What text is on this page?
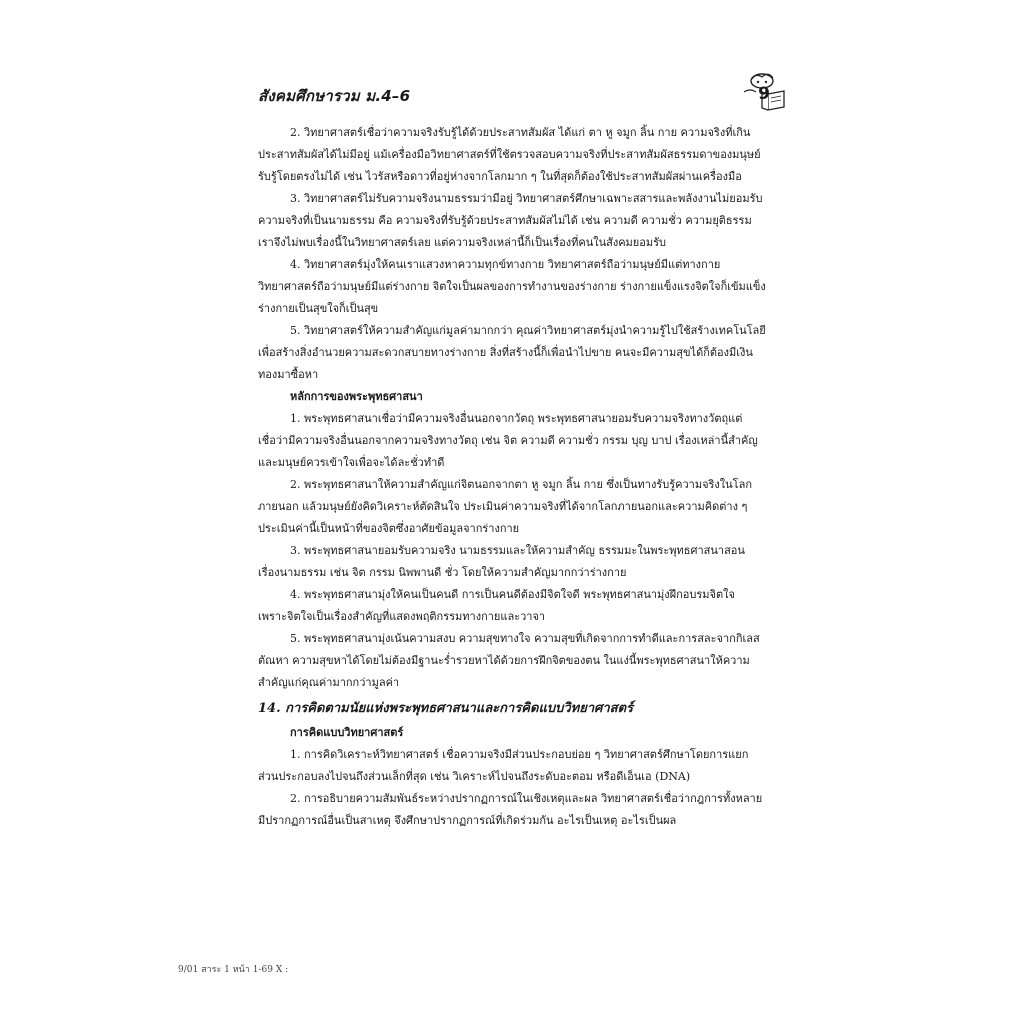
สังคมศึกษารวม ม.4–6	9
2. วิทยาศาสตร์เชื่อว่าความจริงรับรู้ได้ด้วยประสาทสัมผัส ได้แก่ ตา หู จมูก ลิ้น กาย ความจริงที่เกิน
ประสาทสัมผัสได้ไม่มีอยู่ แม้เครื่องมือวิทยาศาสตร์ที่ใช้ตรวจสอบความจริงที่ประสาทสัมผัสธรรมดาของมนุษย์
รับรู้โดยตรงไม่ได้ เช่น ไวรัสหรือดาวที่อยู่ห่างจากโลกมาก ๆ ในที่สุดก็ต้องใช้ประสาทสัมผัสผ่านเครื่องมือ
3. วิทยาศาสตร์ไม่รับความจริงนามธรรมว่ามีอยู่ วิทยาศาสตร์ศึกษาเฉพาะสสารและพลังงานไม่ยอมรับ
ความจริงที่เป็นนามธรรม คือ ความจริงที่รับรู้ด้วยประสาทสัมผัสไม่ได้ เช่น ความดี ความชั่ว ความยุติธรรม
เราจึงไม่พบเรื่องนี้ในวิทยาศาสตร์เลย แต่ความจริงเหล่านี้ก็เป็นเรื่องที่คนในสังคมยอมรับ
4. วิทยาศาสตร์มุ่งให้คนเราแสวงหาความทุกข์ทางกาย วิทยาศาสตร์ถือว่ามนุษย์มีแต่ทางกาย
วิทยาศาสตร์ถือว่ามนุษย์มีแต่ร่างกาย จิตใจเป็นผลของการทำงานของร่างกาย ร่างกายแข็งแรงจิตใจก็เข้มแข็ง
ร่างกายเป็นสุขใจก็เป็นสุข
5. วิทยาศาสตร์ให้ความสำคัญแก่มูลค่ามากกว่า คุณค่าวิทยาศาสตร์มุ่งนำความรู้ไปใช้สร้างเทคโนโลยี
เพื่อสร้างสิ่งอำนวยความสะดวกสบายทางร่างกาย สิ่งที่สร้างนี้ก็เพื่อนำไปขาย คนจะมีความสุขได้ก็ต้องมีเงิน
ทองมาซื้อหา
หลักการของพระพุทธศาสนา
1. พระพุทธศาสนาเชื่อว่ามีความจริงอื่นนอกจากวัตถุ พระพุทธศาสนายอมรับความจริงทางวัตถุแต่
เชื่อว่ามีความจริงอื่นนอกจากความจริงทางวัตถุ เช่น จิต ความดี ความชั่ว กรรม บุญ บาป เรื่องเหล่านี้สำคัญ
และมนุษย์ควรเข้าใจเพื่อจะได้ละชั่วทำดี
2. พระพุทธศาสนาให้ความสำคัญแก่จิตนอกจากตา หู จมูก ลิ้น กาย ซึ่งเป็นทางรับรู้ความจริงในโลก
ภายนอก แล้วมนุษย์ยังคิดวิเคราะห์ตัดสินใจ ประเมินค่าความจริงที่ได้จากโลกภายนอกและความคิดต่าง ๆ
ประเมินค่านี้เป็นหน้าที่ของจิตซึ่งอาศัยข้อมูลจากร่างกาย
3. พระพุทธศาสนายอมรับความจริง นามธรรมและให้ความสำคัญ ธรรมมะในพระพุทธศาสนาสอน
เรื่องนามธรรม เช่น จิต กรรม นิพพานดี ชั่ว โดยให้ความสำคัญมากกว่าร่างกาย
4. พระพุทธศาสนามุ่งให้คนเป็นคนดี การเป็นคนดีต้องมีจิตใจดี พระพุทธศาสนามุ่งฝึกอบรมจิตใจ
เพราะจิตใจเป็นเรื่องสำคัญที่แสดงพฤติกรรมทางกายและวาจา
5. พระพุทธศาสนามุ่งเน้นความสงบ ความสุขทางใจ ความสุขที่เกิดจากการทำดีและการสละจากกิเลส
ตัณหา ความสุขหาได้โดยไม่ต้องมีฐานะร่ำรวยหาได้ด้วยการฝึกจิตของตน ในแง่นี้พระพุทธศาสนาให้ความ
สำคัญแก่คุณค่ามากกว่ามูลค่า
14. การคิดตามนัยแห่งพระพุทธศาสนาและการคิดแบบวิทยาศาสตร์
การคิดแบบวิทยาศาสตร์
1. การคิดวิเคราะห์วิทยาศาสตร์ เชื่อความจริงมีส่วนประกอบย่อย ๆ วิทยาศาสตร์ศึกษาโดยการแยก
ส่วนประกอบลงไปจนถึงส่วนเล็กที่สุด เช่น วิเคราะห์ไปจนถึงระดับอะตอม หรือดีเอ็นเอ (DNA)
2. การอธิบายความสัมพันธ์ระหว่างปรากฏการณ์ในเชิงเหตุและผล วิทยาศาสตร์เชื่อว่ากฎการทั้งหลาย
มีปรากฏการณ์อื่นเป็นสาเหตุ จึงศึกษาปรากฏการณ์ที่เกิดร่วมกัน อะไรเป็นเหตุ อะไรเป็นผล
9/01 สาระ 1 หน้า 1-69 X :
